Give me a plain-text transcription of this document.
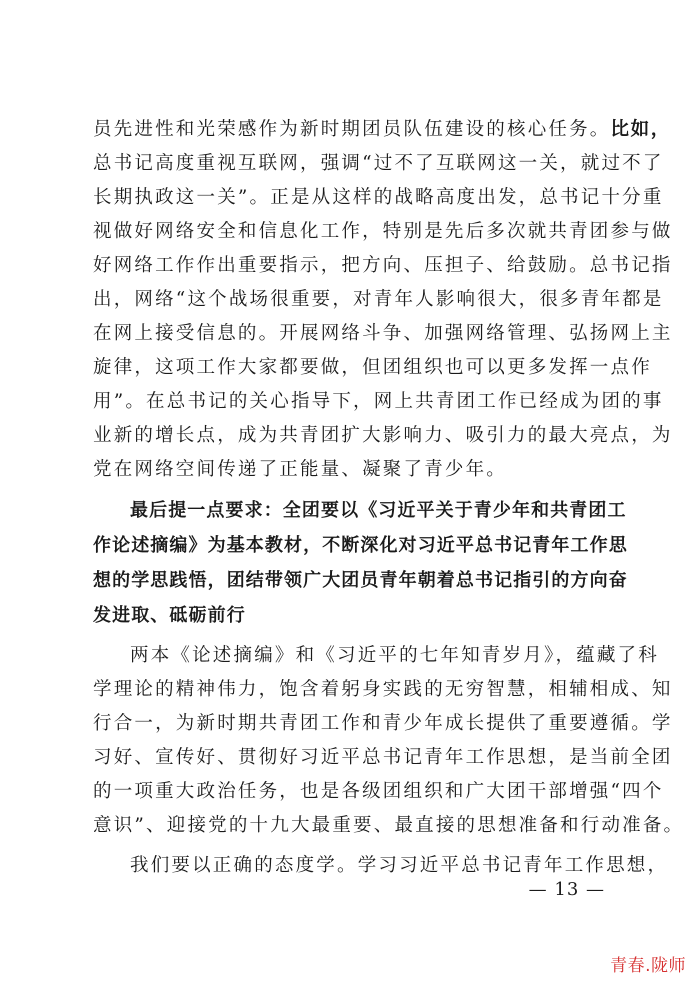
员先进性和光荣感作为新时期团员队伍建设的核心任务。比如，
总书记高度重视互联网，强调“过不了互联网这一关，就过不了
长期执政这一关”。正是从这样的战略高度出发，总书记十分重
视做好网络安全和信息化工作，特别是先后多次就共青团参与做
好网络工作作出重要指示，把方向、压担子、给鼓励。总书记指
出，网络“这个战场很重要，对青年人影响很大，很多青年都是
在网上接受信息的。开展网络斗争、加强网络管理、弘扬网上主
旋律，这项工作大家都要做，但团组织也可以更多发挥一点作
用”。在总书记的关心指导下，网上共青团工作已经成为团的事
业新的增长点，成为共青团扩大影响力、吸引力的最大亮点，为
党在网络空间传递了正能量、凝聚了青少年。
最后提一点要求：全团要以《习近平关于青少年和共青团工
作论述摘编》为基本教材，不断深化对习近平总书记青年工作思
想的学思践悟，团结带领广大团员青年朝着总书记指引的方向奋
发进取、砥砺前行
两本《论述摘编》和《习近平的七年知青岁月》，蕴藏了科
学理论的精神伟力，饱含着躬身实践的无穷智慧，相辅相成、知
行合一，为新时期共青团工作和青少年成长提供了重要遵循。学
习好、宣传好、贯彻好习近平总书记青年工作思想，是当前全团
的一项重大政治任务，也是各级团组织和广大团干部增强“四个
意识”、迎接党的十九大最重要、最直接的思想准备和行动准备。
我们要以正确的态度学。学习习近平总书记青年工作思想，
— 13 —
青春.陇师
